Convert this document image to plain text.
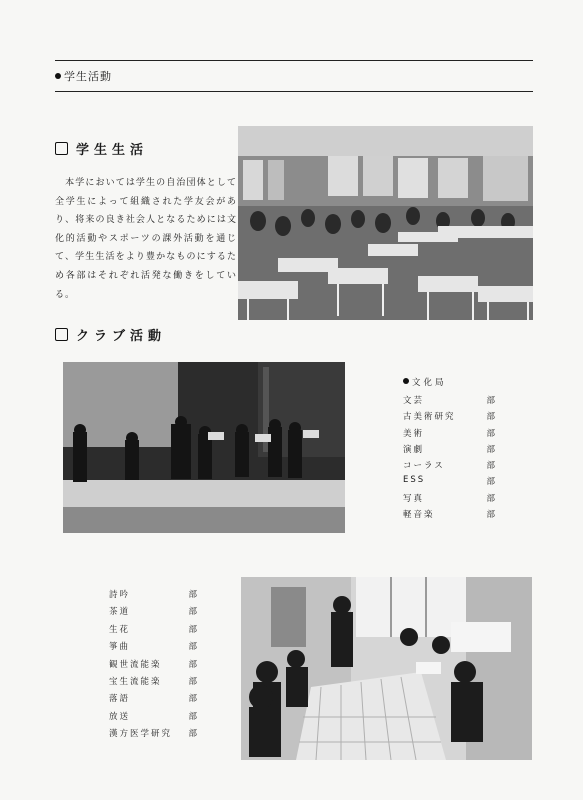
学生活動
学生生活
本学においては学生の自治団体として全学生によって組織された学友会があり、将来の良き社会人となるためには文化的活動やスポーツの課外活動を通じて、学生生活をより豊かなものにするため各部はそれぞれ活発な働きをしている。
クラブ活動
文化局
文芸	部
古美術研究	部
美術	部
演劇	部
コーラス	部
ESS	部
写真	部
軽音楽	部
詩吟	部
茶道	部
生花	部
箏曲	部
観世流能楽	部
宝生流能楽	部
落語	部
放送	部
漢方医学研究 部
